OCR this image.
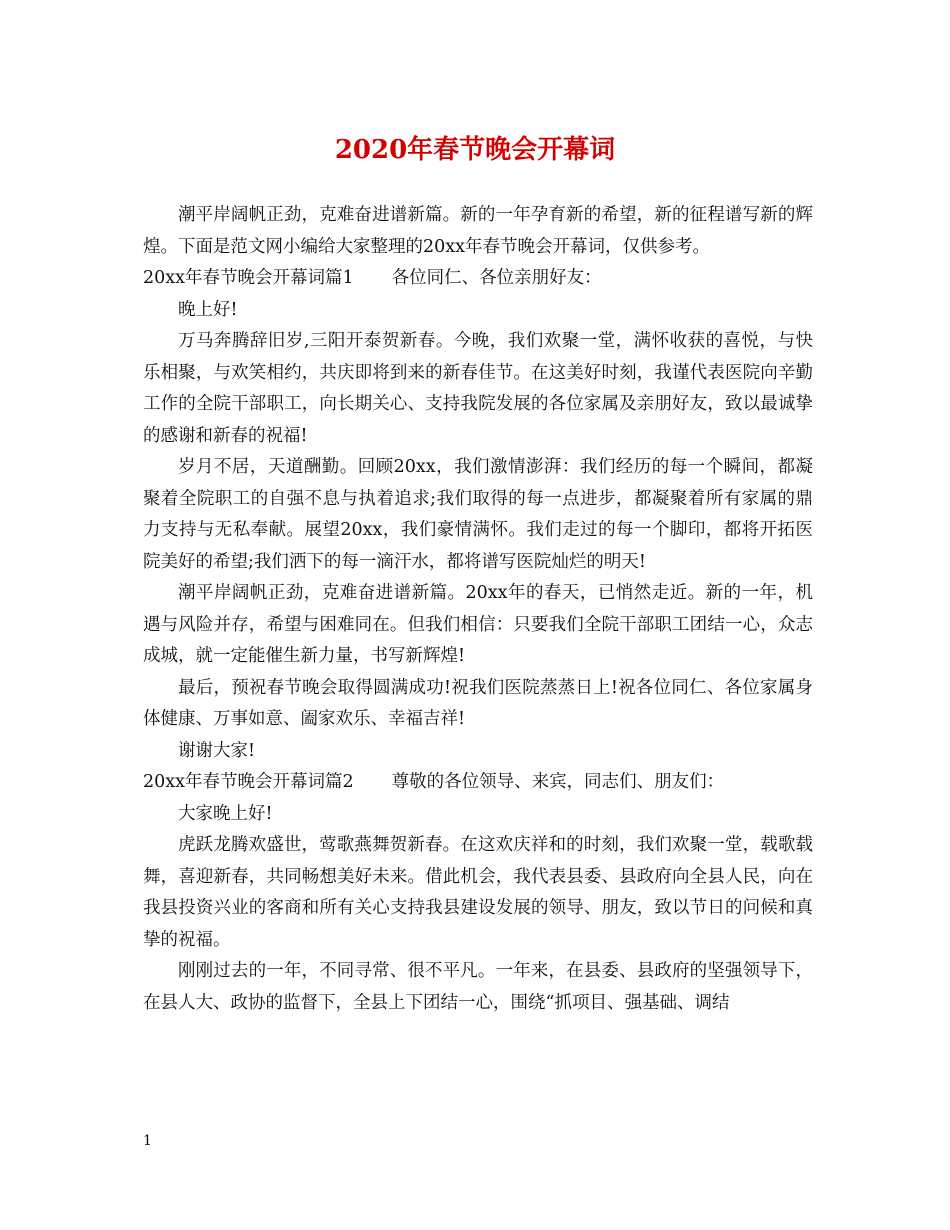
2020年春节晚会开幕词

潮平岸阔帆正劲，克难奋进谱新篇。新的一年孕育新的希望，新的征程谱写新的辉煌。下面是范文网小编给大家整理的20xx年春节晚会开幕词，仅供参考。

20xx年春节晚会开幕词篇1 各位同仁、各位亲朋好友：

晚上好!

万马奔腾辞旧岁,三阳开泰贺新春。今晚，我们欢聚一堂，满怀收获的喜悦，与快乐相聚，与欢笑相约，共庆即将到来的新春佳节。在这美好时刻，我谨代表医院向辛勤工作的全院干部职工，向长期关心、支持我院发展的各位家属及亲朋好友，致以最诚挚的感谢和新春的祝福!

岁月不居，天道酬勤。回顾20xx，我们激情澎湃：我们经历的每一个瞬间，都凝聚着全院职工的自强不息与执着追求;我们取得的每一点进步，都凝聚着所有家属的鼎力支持与无私奉献。展望20xx，我们豪情满怀。我们走过的每一个脚印，都将开拓医院美好的希望;我们洒下的每一滴汗水，都将谱写医院灿烂的明天!

潮平岸阔帆正劲，克难奋进谱新篇。20xx年的春天，已悄然走近。新的一年，机遇与风险并存，希望与困难同在。但我们相信：只要我们全院干部职工团结一心，众志成城，就一定能催生新力量，书写新辉煌!

最后，预祝春节晚会取得圆满成功!祝我们医院蒸蒸日上!祝各位同仁、各位家属身体健康、万事如意、阖家欢乐、幸福吉祥!

谢谢大家!

20xx年春节晚会开幕词篇2 尊敬的各位领导、来宾，同志们、朋友们：

大家晚上好!

虎跃龙腾欢盛世，莺歌燕舞贺新春。在这欢庆祥和的时刻，我们欢聚一堂，载歌载舞，喜迎新春，共同畅想美好未来。借此机会，我代表县委、县政府向全县人民，向在我县投资兴业的客商和所有关心支持我县建设发展的领导、朋友，致以节日的问候和真挚的祝福。

刚刚过去的一年，不同寻常、很不平凡。一年来，在县委、县政府的坚强领导下，在县人大、政协的监督下，全县上下团结一心，围绕“抓项目、强基础、调结

1
